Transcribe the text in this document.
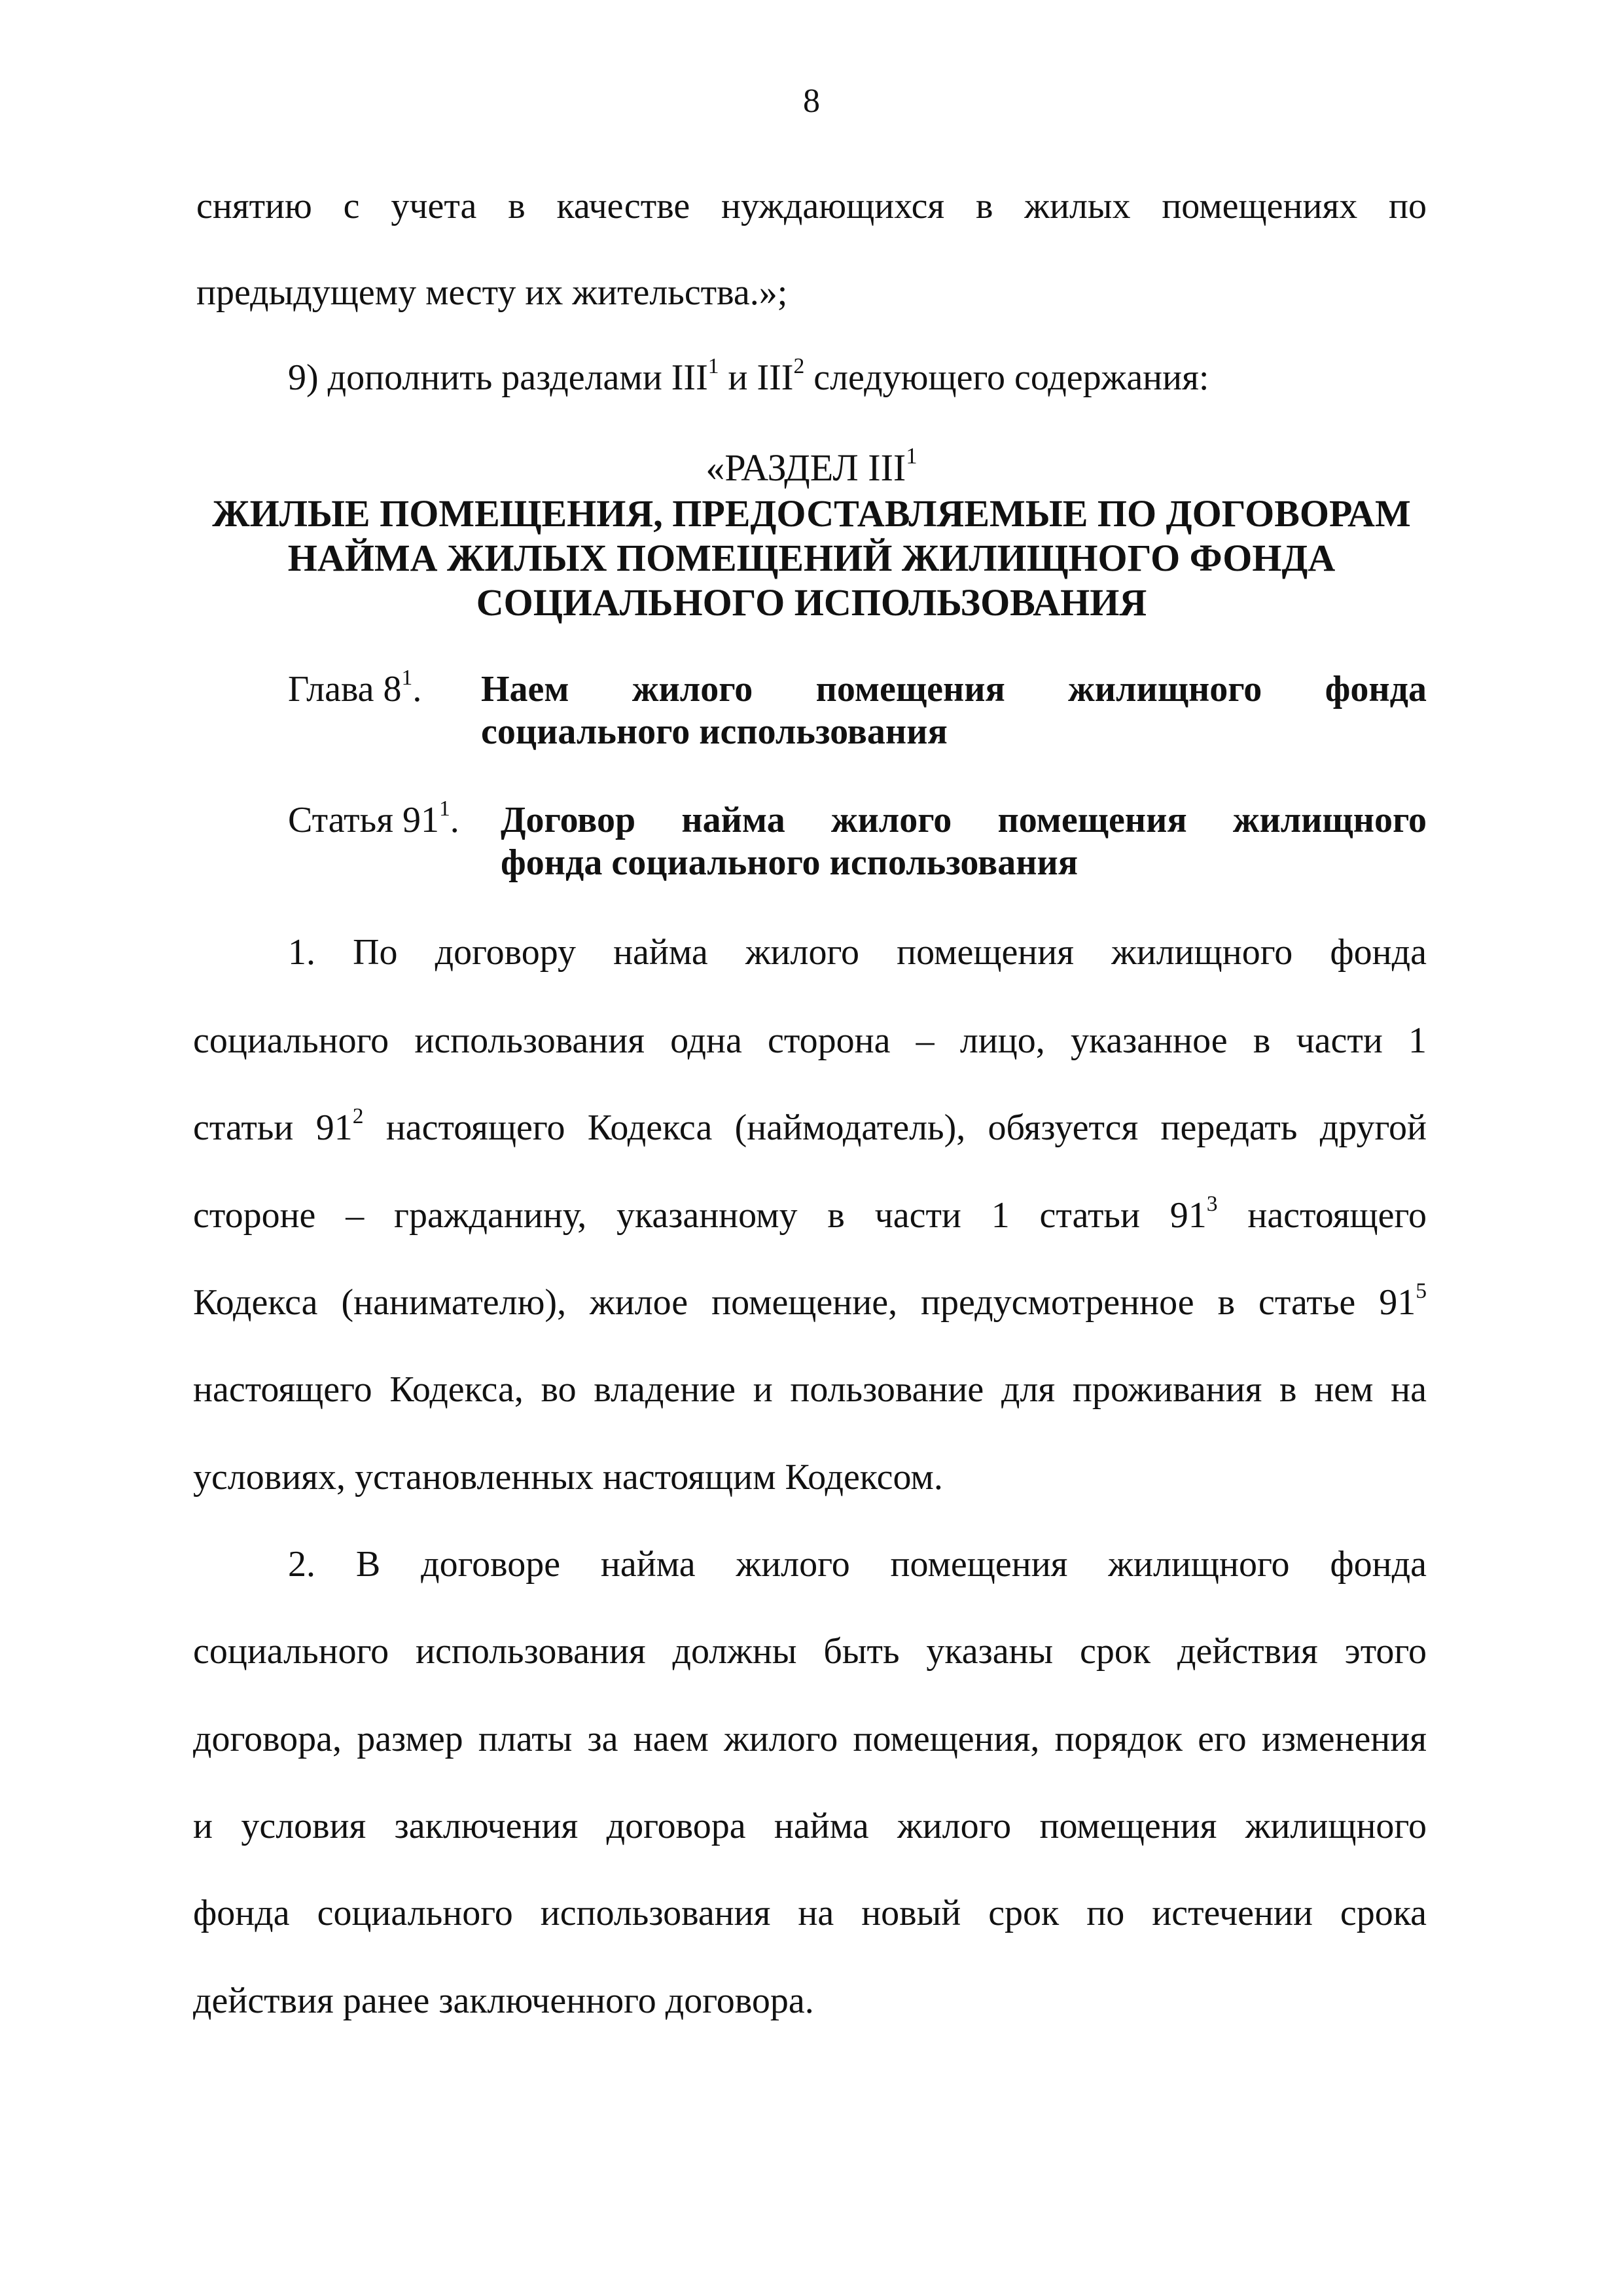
8
снятию с учета в качестве нуждающихся в жилых помещениях по
предыдущему месту их жительства.»;
9) дополнить разделами III$^1$ и III$^2$ следующего содержания:
«РАЗДЕЛ III$^1$
ЖИЛЫЕ ПОМЕЩЕНИЯ, ПРЕДОСТАВЛЯЕМЫЕ ПО ДОГОВОРАМ
НАЙМА ЖИЛЫХ ПОМЕЩЕНИЙ ЖИЛИЩНОГО ФОНДА
СОЦИАЛЬНОГО ИСПОЛЬЗОВАНИЯ
Глава $8^1$. Наем жилого помещения жилищного фонда
социального использования
Статья $91^1$. Договор найма жилого помещения жилищного
фонда социального использования
1. По договору найма жилого помещения жилищного фонда
социального использования одна сторона – лицо, указанное в части 1
статьи $91^2$ настоящего Кодекса (наймодатель), обязуется передать другой
стороне – гражданину, указанному в части 1 статьи $91^3$ настоящего
Кодекса (нанимателю), жилое помещение, предусмотренное в статье $91^5$
настоящего Кодекса, во владение и пользование для проживания в нем на
условиях, установленных настоящим Кодексом.
2. В договоре найма жилого помещения жилищного фонда
социального использования должны быть указаны срок действия этого
договора, размер платы за наем жилого помещения, порядок его изменения
и условия заключения договора найма жилого помещения жилищного
фонда социального использования на новый срок по истечении срока
действия ранее заключенного договора.
